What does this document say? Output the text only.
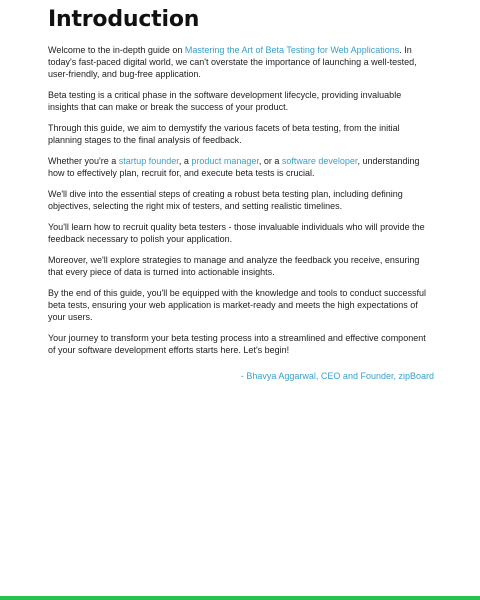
Introduction

Welcome to the in-depth guide on Mastering the Art of Beta Testing for Web Applications. In today's fast-paced digital world, we can't overstate the importance of launching a well-tested, user-friendly, and bug-free application.

Beta testing is a critical phase in the software development lifecycle, providing invaluable insights that can make or break the success of your product.

Through this guide, we aim to demystify the various facets of beta testing, from the initial planning stages to the final analysis of feedback.

Whether you're a startup founder, a product manager, or a software developer, understanding how to effectively plan, recruit for, and execute beta tests is crucial.

We'll dive into the essential steps of creating a robust beta testing plan, including defining objectives, selecting the right mix of testers, and setting realistic timelines.

You'll learn how to recruit quality beta testers - those invaluable individuals who will provide the feedback necessary to polish your application.

Moreover, we'll explore strategies to manage and analyze the feedback you receive, ensuring that every piece of data is turned into actionable insights.

By the end of this guide, you'll be equipped with the knowledge and tools to conduct successful beta tests, ensuring your web application is market-ready and meets the high expectations of your users.

Your journey to transform your beta testing process into a streamlined and effective component of your software development efforts starts here. Let's begin!

- Bhavya Aggarwal, CEO and Founder, zipBoard
